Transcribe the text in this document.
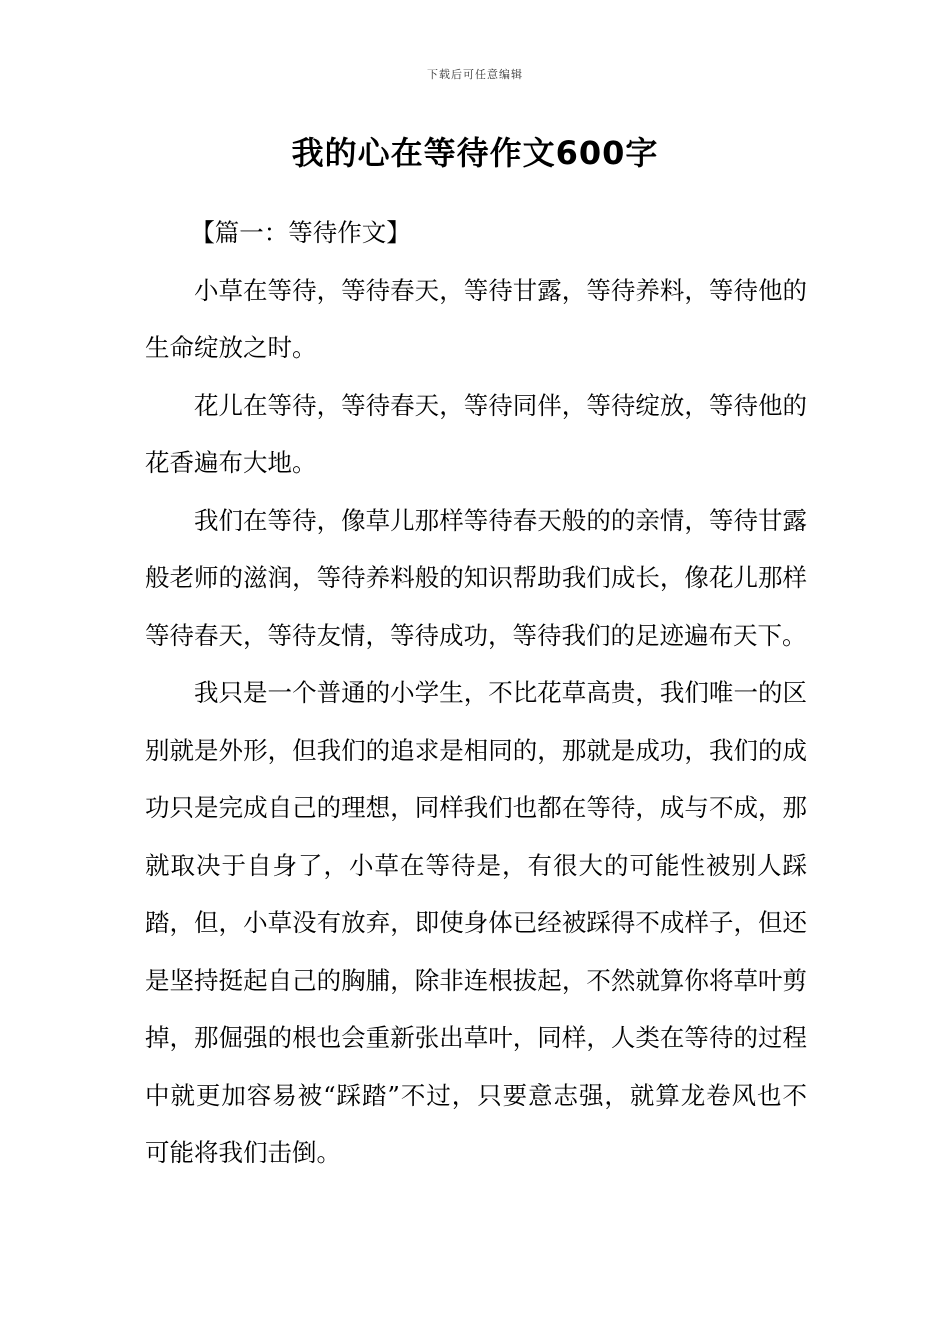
下载后可任意编辑
我的心在等待作文600字

【篇一：等待作文】

小草在等待，等待春天，等待甘露，等待养料，等待他的生命绽放之时。

花儿在等待，等待春天，等待同伴，等待绽放，等待他的花香遍布大地。

我们在等待，像草儿那样等待春天般的的亲情，等待甘露般老师的滋润，等待养料般的知识帮助我们成长，像花儿那样等待春天，等待友情，等待成功，等待我们的足迹遍布天下。

我只是一个普通的小学生，不比花草高贵，我们唯一的区别就是外形，但我们的追求是相同的，那就是成功，我们的成功只是完成自己的理想，同样我们也都在等待，成与不成，那就取决于自身了，小草在等待是，有很大的可能性被别人踩踏，但，小草没有放弃，即使身体已经被踩得不成样子，但还是坚持挺起自己的胸脯，除非连根拔起，不然就算你将草叶剪掉，那倔强的根也会重新张出草叶，同样，人类在等待的过程中就更加容易被“踩踏”不过，只要意志强，就算龙卷风也不可能将我们击倒。
